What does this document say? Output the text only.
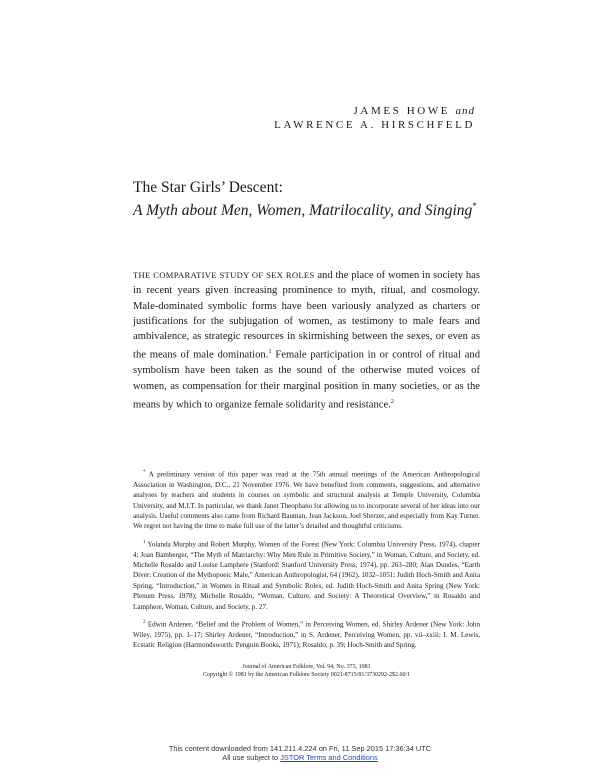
JAMES HOWE and
LAWRENCE A. HIRSCHFELD
The Star Girls’ Descent:
A Myth about Men, Women, Matrilocality, and Singing*

THE COMPARATIVE STUDY OF SEX ROLES and the place of women in society has in recent years given increasing prominence to myth, ritual, and cosmology. Male-dominated symbolic forms have been variously analyzed as charters or justifications for the subjugation of women, as testimony to male fears and ambivalence, as strategic resources in skirmishing between the sexes, or even as the means of male domination.$^1$ Female participation in or control of ritual and symbolism have been taken as the sound of the otherwise muted voices of women, as compensation for their marginal position in many societies, or as the means by which to organize female solidarity and resistance.$^2$

* A preliminary version of this paper was read at the 75th annual meetings of the American Anthropological Association in Washington, D.C., 21 November 1976. We have benefited from comments, suggestions, and alternative analyses by teachers and students in courses on symbolic and structural analysis at Temple University, Columbia University, and M.I.T. In particular, we thank Janet Theophano for allowing us to incorporate several of her ideas into our analysis. Useful comments also came from Richard Bauman, Jean Jackson, Joel Sherzer, and especially from Kay Turner. We regret not having the time to make full use of the latter’s detailed and thoughtful criticisms.

$^1$ Yolanda Murphy and Robert Murphy, Women of the Forest (New York: Columbia University Press, 1974), chapter 4; Joan Bamberger, “The Myth of Matriarchy: Why Men Rule in Primitive Society,” in Woman, Culture, and Society, ed. Michelle Rosaldo and Louise Lamphere (Stanford: Stanford University Press, 1974), pp. 263–280; Alan Dundes, “Earth Diver: Creation of the Mythopoeic Male,” American Anthropologist, 64 (1962), 1032–1051; Judith Hoch-Smith and Anita Spring, “Introduction,” in Women in Ritual and Symbolic Roles, ed. Judith Hoch-Smith and Anita Spring (New York: Plenum Press, 1978); Michelle Rosaldo, “Woman, Culture, and Society: A Theoretical Overview,” in Rosaldo and Lamphere, Woman, Culture, and Society, p. 27.

$^2$ Edwin Ardener, “Belief and the Problem of Women,” in Perceiving Women, ed. Shirley Ardener (New York: John Wiley, 1975), pp. 1–17; Shirley Ardener, “Introduction,” in S. Ardener, Perceiving Women, pp. vii–xxiii; I. M. Lewis, Ecstatic Religion (Harmondsworth: Penguin Books, 1971); Rosaldo, p. 39; Hoch-Smith and Spring.

Journal of American Folklore, Vol. 94, No. 373, 1981
Copyright © 1981 by the American Folklore Society 0021-8715/81/3730292-2$2.60/1
This content downloaded from 141.211.4.224 on Fri, 11 Sep 2015 17:36:34 UTC
All use subject to JSTOR Terms and Conditions
